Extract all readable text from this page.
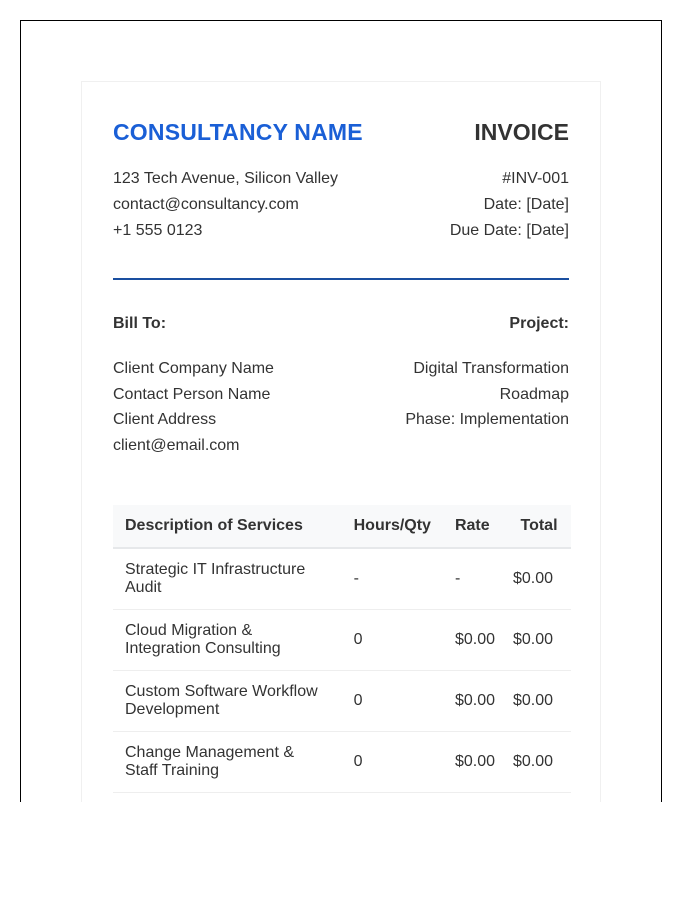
CONSULTANCY NAME	INVOICE
123 Tech Avenue, Silicon Valley
contact@consultancy.com
+1 555 0123
#INV-001
Date: [Date]
Due Date: [Date]
Bill To:
Client Company Name
Contact Person Name
Client Address
client@email.com
Project:
Digital Transformation
Roadmap
Phase: Implementation
Description of Services	Hours/Qty	Rate	Total
Strategic IT Infrastructure Audit	-	-	$0.00
Cloud Migration & Integration Consulting	0	$0.00	$0.00
Custom Software Workflow Development	0	$0.00	$0.00
Change Management & Staff Training	0	$0.00	$0.00
